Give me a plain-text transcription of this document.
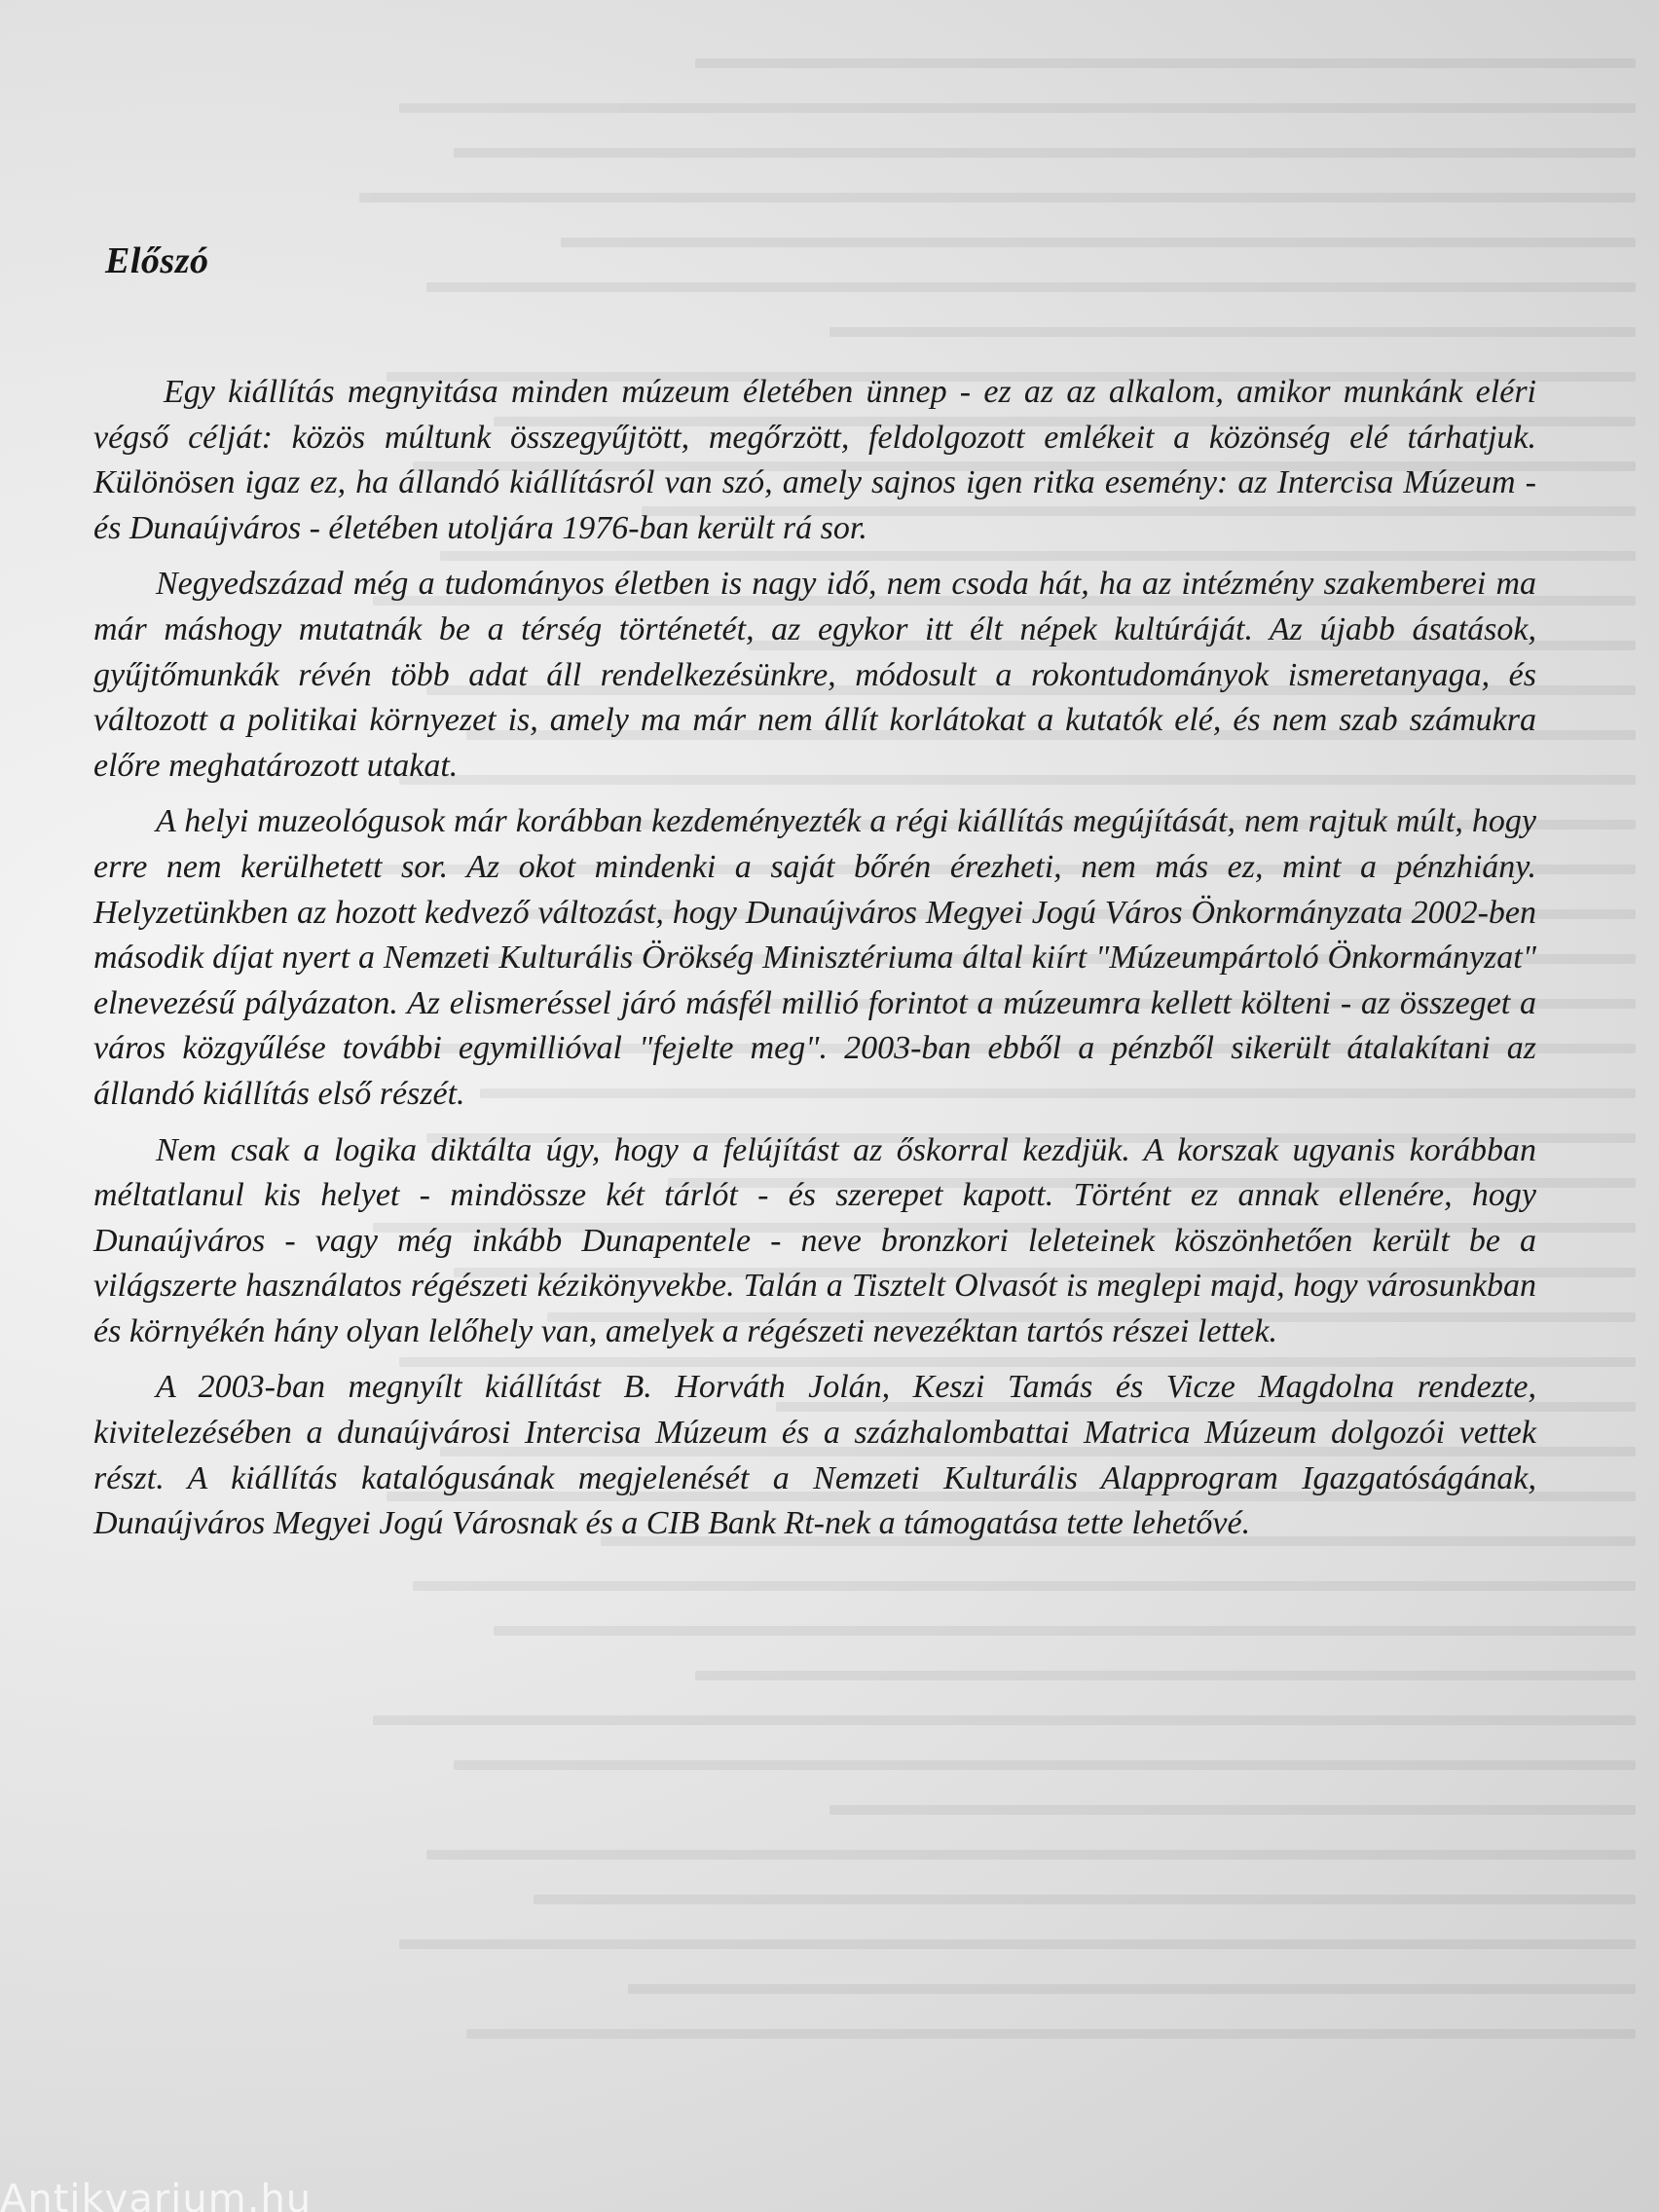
Előszó

Egy kiállítás megnyitása minden múzeum életében ünnep - ez az az alkalom, amikor munkánk eléri végső célját: közös múltunk összegyűjtött, megőrzött, feldolgozott emlékeit a közönség elé tárhatjuk. Különösen igaz ez, ha állandó kiállításról van szó, amely sajnos igen ritka esemény: az Intercisa Múzeum - és Dunaújváros - életében utoljára 1976-ban került rá sor.

Negyedszázad még a tudományos életben is nagy idő, nem csoda hát, ha az intézmény szakemberei ma már máshogy mutatnák be a térség történetét, az egykor itt élt népek kultúráját. Az újabb ásatások, gyűjtőmunkák révén több adat áll rendelkezésünkre, módosult a rokontudományok ismeretanyaga, és változott a politikai környezet is, amely ma már nem állít korlátokat a kutatók elé, és nem szab számukra előre meghatározott utakat.

A helyi muzeológusok már korábban kezdeményezték a régi kiállítás megújítását, nem rajtuk múlt, hogy erre nem kerülhetett sor. Az okot mindenki a saját bőrén érezheti, nem más ez, mint a pénzhiány. Helyzetünkben az hozott kedvező változást, hogy Dunaújváros Megyei Jogú Város Önkormányzata 2002-ben második díjat nyert a Nemzeti Kulturális Örökség Minisztériuma által kiírt "Múzeumpártoló Önkormányzat" elnevezésű pályázaton. Az elismeréssel járó másfél millió forintot a múzeumra kellett költeni - az összeget a város közgyűlése további egymillióval "fejelte meg". 2003-ban ebből a pénzből sikerült átalakítani az állandó kiállítás első részét.

Nem csak a logika diktálta úgy, hogy a felújítást az őskorral kezdjük. A korszak ugyanis korábban méltatlanul kis helyet - mindössze két tárlót - és szerepet kapott. Történt ez annak ellenére, hogy Dunaújváros - vagy még inkább Dunapentele - neve bronzkori leleteinek köszönhetően került be a világszerte használatos régészeti kézikönyvekbe. Talán a Tisztelt Olvasót is meglepi majd, hogy városunkban és környékén hány olyan lelőhely van, amelyek a régészeti nevezéktan tartós részei lettek.

A 2003-ban megnyílt kiállítást B. Horváth Jolán, Keszi Tamás és Vicze Magdolna rendezte, kivitelezésében a dunaújvárosi Intercisa Múzeum és a százhalombattai Matrica Múzeum dolgozói vettek részt. A kiállítás katalógusának megjelenését a Nemzeti Kulturális Alapprogram Igazgatóságának, Dunaújváros Megyei Jogú Városnak és a CIB Bank Rt-nek a támogatása tette lehetővé.

Antikvarium.hu
